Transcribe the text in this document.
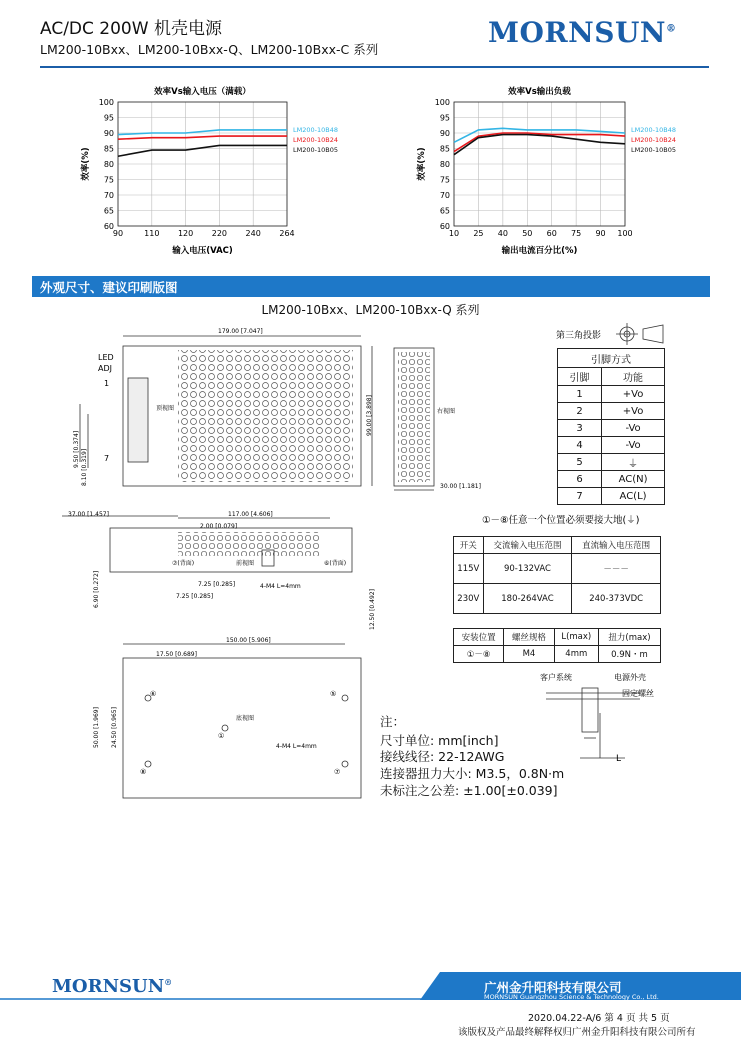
AC/DC 200W 机壳电源
LM200-10Bxx、LM200-10Bxx-Q、LM200-10Bxx-C 系列
MORNSUN®
90	110 120 220 240 264
60
65
70
75
80
85
90
95
100
效率Vs输入电压（满载）
输入电压(VAC)
效率(%)
LM200-10B48
LM200-10B24
LM200-10B05
10 25 40 50 60 75 90 100
60
65
70
75
80
85
90
95
100
效率Vs输出负载
输出电流百分比(%)
效率(%)
LM200-10B48
LM200-10B24
LM200-10B05
外观尺寸、建议印刷版图
LM200-10Bxx、LM200-10Bxx-Q 系列
179.00 [7.047]
99.00 [3.898]
9.50 [0.374] 8.10 [0.319]
LED
ADJ
1
7
顶视图	右视图
30.00 [1.181]
37.00 [1.457]	117.00 [4.606]
2.00 [0.079]
前视图
⑦(背面)	⑥(背面)
7.25 [0.285]
7.25 [0.285]
4-M4 L=4mm
6.90 [0.272]	12.50 [0.492]
150.00 [5.906]
17.50 [0.689]
50.00 [1.969] 24.50 [0.965]	底视图
4-M4 L=4mm
⑥	⑤
⑧	⑦
①
第三角投影
①－⑧任意一个位置必须要接大地(⏚)
客户系统	电源外壳
固定螺丝
L
引脚方式	
引脚	功能
1	+Vo
2	+Vo
3	-Vo
4	-Vo
5	⏚
6	AC(N)
7	AC(L)
开关	交流输入电压范围	直流输入电压范围
115V	90-132VAC	－－－
230V	180-264VAC	240-373VDC
安装位置	螺丝规格	L(max)	扭力(max)
①－⑧	M4	4mm	0.9N・m
注：
尺寸单位: mm[inch]
接线线径: 22-12AWG
连接器扭力大小: M3.5，0.8N·m
未标注之公差: ±1.00[±0.039]
MORNSUN®	广州金升阳科技有限公司
MORNSUN Guangzhou Science & Technology Co., Ltd.
2020.04.22-A/6 第 4 页 共 5 页
该版权及产品最终解释权归广州金升阳科技有限公司所有
